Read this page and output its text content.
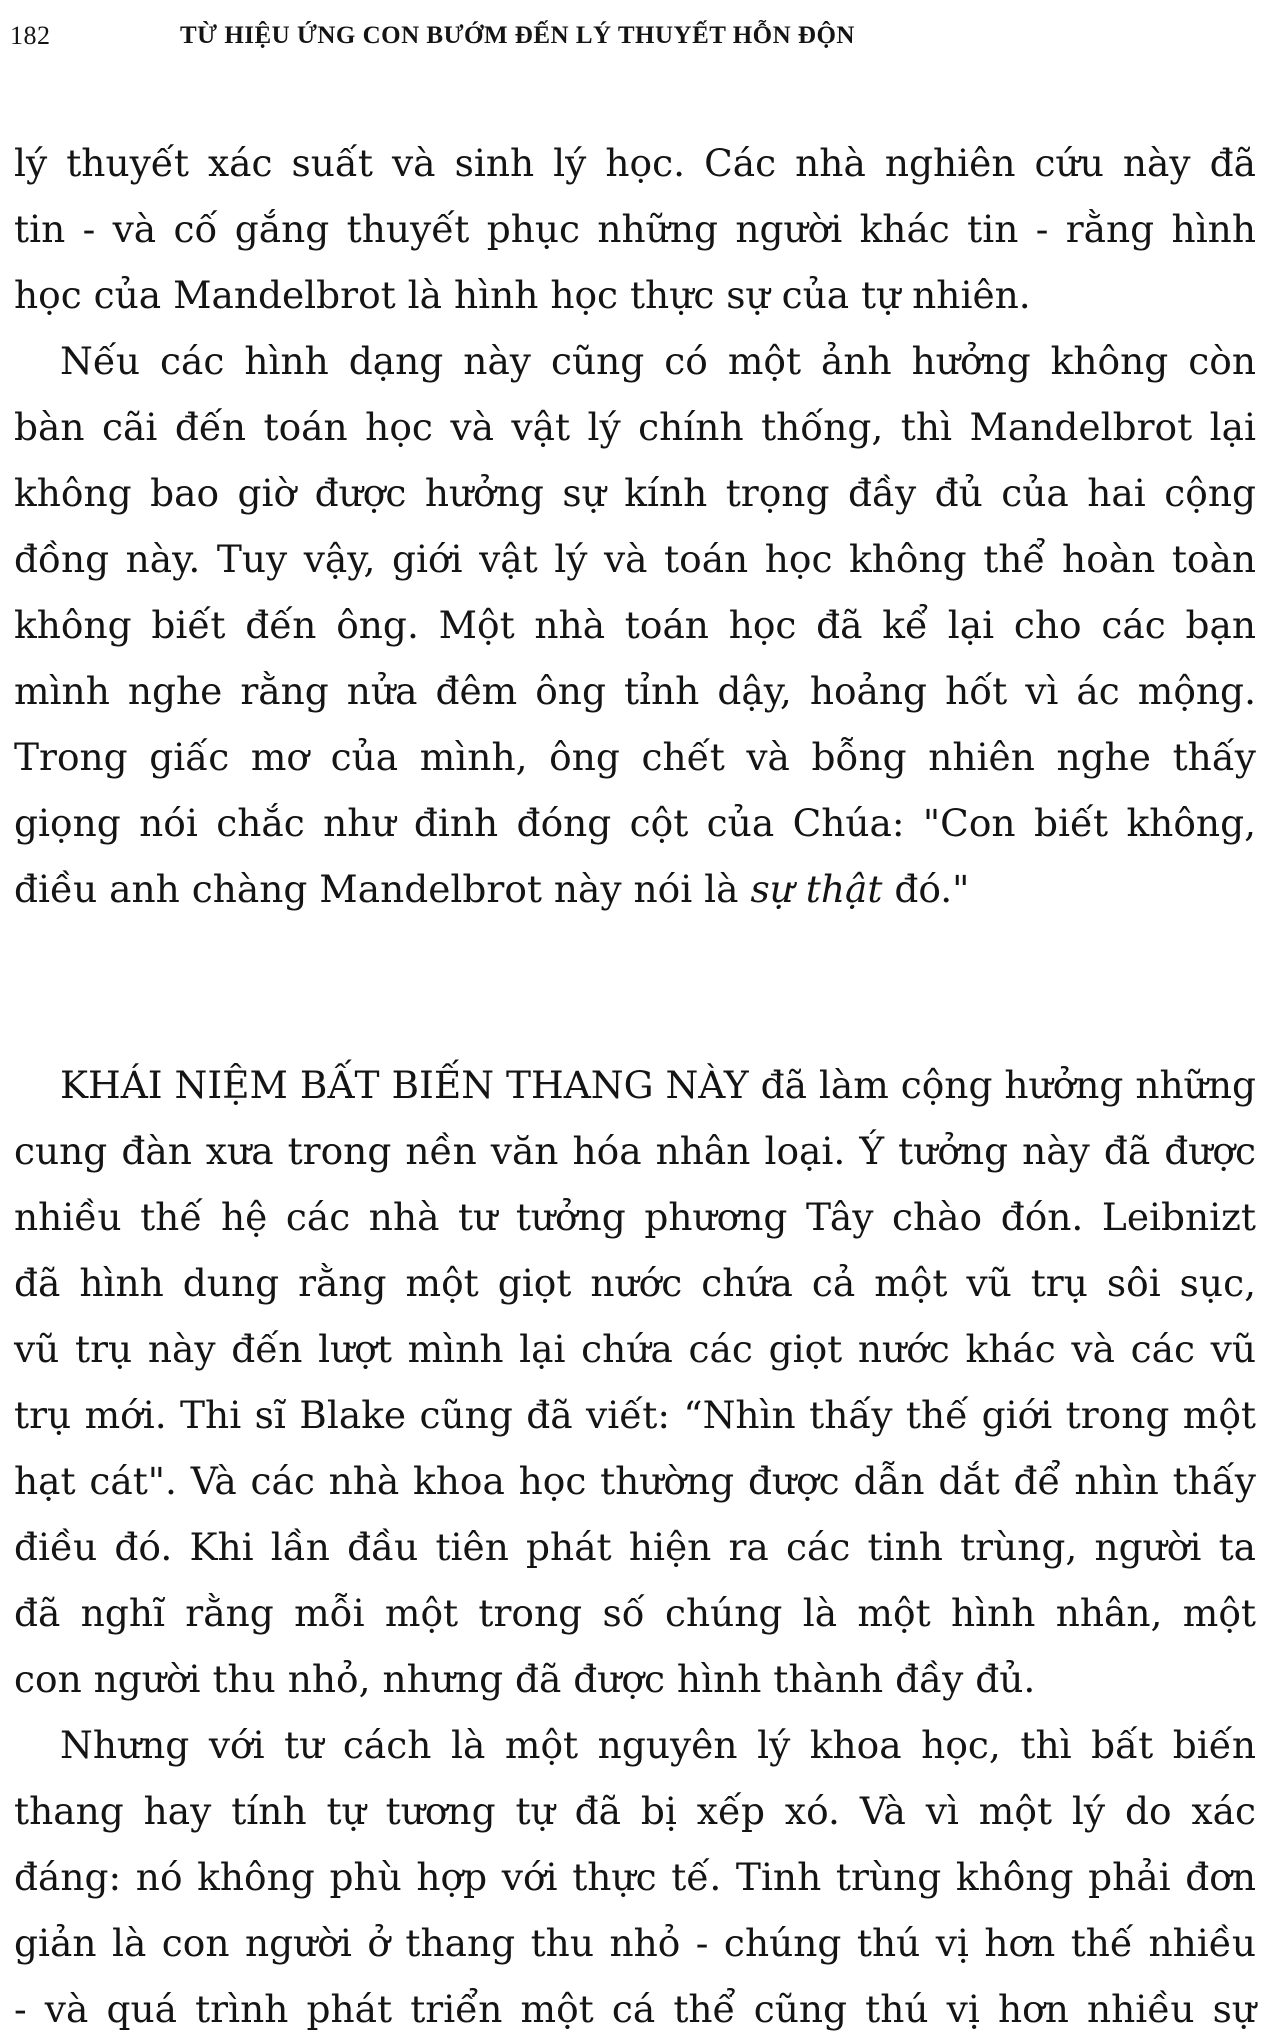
182	TỪ HIỆU ỨNG CON BƯỚM ĐẾN LÝ THUYẾT HỖN ĐỘN

lý thuyết xác suất và sinh lý học. Các nhà nghiên cứu này đã
tin - và cố gắng thuyết phục những người khác tin - rằng hình
học của Mandelbrot là hình học thực sự của tự nhiên.

Nếu các hình dạng này cũng có một ảnh hưởng không còn
bàn cãi đến toán học và vật lý chính thống, thì Mandelbrot lại
không bao giờ được hưởng sự kính trọng đầy đủ của hai cộng
đồng này. Tuy vậy, giới vật lý và toán học không thể hoàn toàn
không biết đến ông. Một nhà toán học đã kể lại cho các bạn
mình nghe rằng nửa đêm ông tỉnh dậy, hoảng hốt vì ác mộng.
Trong giấc mơ của mình, ông chết và bỗng nhiên nghe thấy
giọng nói chắc như đinh đóng cột của Chúa: "Con biết không,
điều anh chàng Mandelbrot này nói là sự thật đó."

KHÁI NIỆM BẤT BIẾN THANG NÀY đã làm cộng hưởng những
cung đàn xưa trong nền văn hóa nhân loại. Ý tưởng này đã được
nhiều thế hệ các nhà tư tưởng phương Tây chào đón. Leibnizt
đã hình dung rằng một giọt nước chứa cả một vũ trụ sôi sục,
vũ trụ này đến lượt mình lại chứa các giọt nước khác và các vũ
trụ mới. Thi sĩ Blake cũng đã viết: “Nhìn thấy thế giới trong một
hạt cát". Và các nhà khoa học thường được dẫn dắt để nhìn thấy
điều đó. Khi lần đầu tiên phát hiện ra các tinh trùng, người ta
đã nghĩ rằng mỗi một trong số chúng là một hình nhân, một
con người thu nhỏ, nhưng đã được hình thành đầy đủ.

Nhưng với tư cách là một nguyên lý khoa học, thì bất biến
thang hay tính tự tương tự đã bị xếp xó. Và vì một lý do xác
đáng: nó không phù hợp với thực tế. Tinh trùng không phải đơn
giản là con người ở thang thu nhỏ - chúng thú vị hơn thế nhiều
- và quá trình phát triển một cá thể cũng thú vị hơn nhiều sự
